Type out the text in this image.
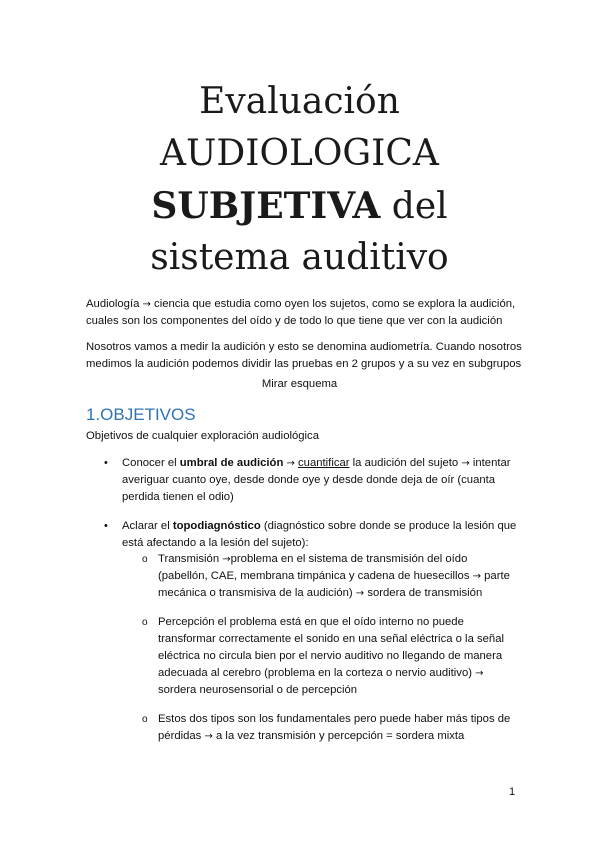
Evaluación
AUDIOLOGICA
SUBJETIVA del
sistema auditivo
Audiología → ciencia que estudia como oyen los sujetos, como se explora la audición,
cuales son los componentes del oído y de todo lo que tiene que ver con la audición
Nosotros vamos a medir la audición y esto se denomina audiometría. Cuando nosotros
medimos la audición podemos dividir las pruebas en 2 grupos y a su vez en subgrupos
Mirar esquema
1.OBJETIVOS
Objetivos de cualquier exploración audiológica
• Conocer el umbral de audición → cuantificar la audición del sujeto → intentar
averiguar cuanto oye, desde donde oye y desde donde deja de oír (cuanta
perdida tienen el odio)
• Aclarar el topodiagnóstico (diagnóstico sobre donde se produce la lesión que
está afectando a la lesión del sujeto):
o Transmisión →problema en el sistema de transmisión del oído
(pabellón, CAE, membrana timpánica y cadena de huesecillos → parte
mecánica o transmisiva de la audición) → sordera de transmisión
o Percepción el problema está en que el oído interno no puede
transformar correctamente el sonido en una señal eléctrica o la señal
eléctrica no circula bien por el nervio auditivo no llegando de manera
adecuada al cerebro (problema en la corteza o nervio auditivo) →
sordera neurosensorial o de percepción
o Estos dos tipos son los fundamentales pero puede haber más tipos de
pérdidas → a la vez transmisión y percepción = sordera mixta
1
